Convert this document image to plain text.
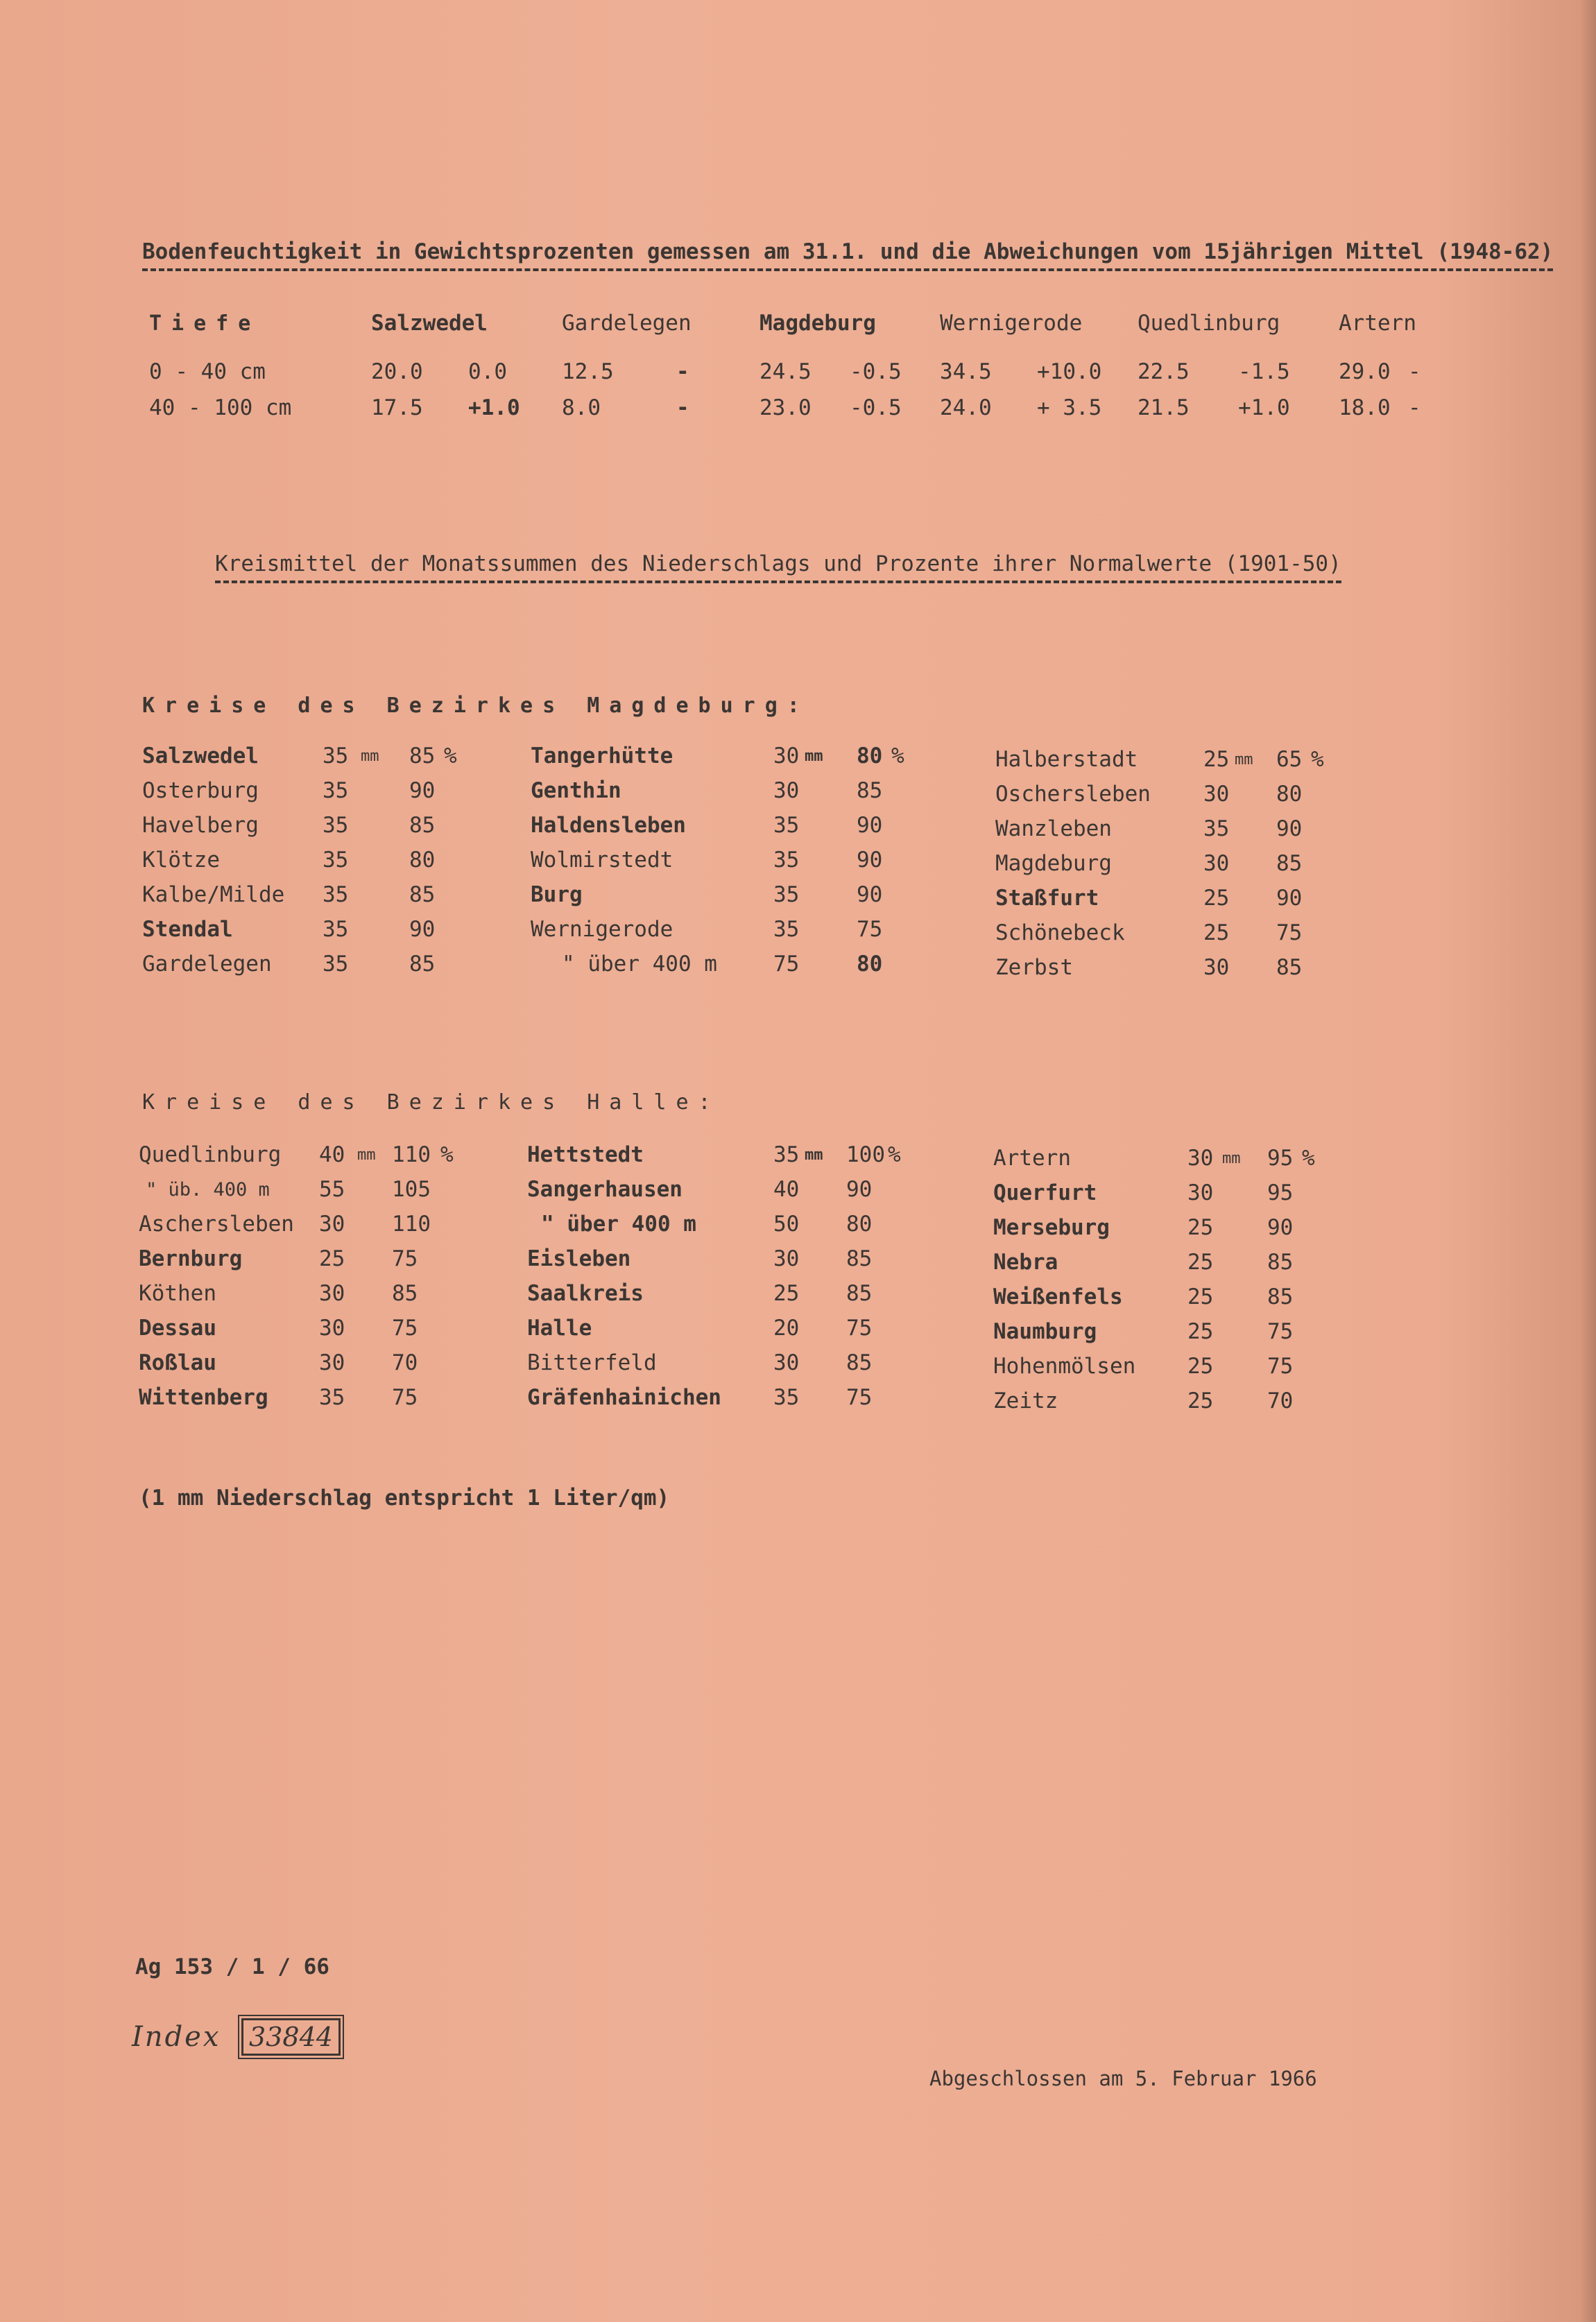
Bodenfeuchtigkeit in Gewichtsprozenten gemessen am 31.1. und die Abweichungen vom 15jährigen Mittel (1948-62)
Tiefe	Salzwedel		Gardelegen		Magdeburg		Wernigerode		Quedlinburg		Artern	

0 - 40 cm	20.0	0.0	12.5	-	24.5	-0.5	34.5	+10.0	22.5	-1.5	29.0	-
40 - 100 cm	17.5	+1.0	8.0	-	23.0	-0.5	24.0	+ 3.5	21.5	+1.0	18.0	-
Kreismittel der Monatssummen des Niederschlags und Prozente ihrer Normalwerte (1901-50)
Kreise des Bezirkes Magdeburg:
Salzwedel	35	mm	85	%
Osterburg	35		90	
Havelberg	35		85	
Klötze	35		80	
Kalbe/Milde	35		85	
Stendal	35		90	
Gardelegen	35		85	
Tangerhütte	30	mm	80	%
Genthin	30		85	
Haldensleben	35		90	
Wolmirstedt	35		90	
Burg	35		90	
Wernigerode	35		75	
" über 400 m	75		80	
Halberstadt	25	mm	65	%
Oschersleben	30		80	
Wanzleben	35		90	
Magdeburg	30		85	
Staßfurt	25		90	
Schönebeck	25		75	
Zerbst	30		85	
Kreise des Bezirkes Halle:
Quedlinburg	40	mm	110	%
" üb. 400 m	55		105	
Aschersleben	30		110	
Bernburg	25		75	
Köthen	30		85	
Dessau	30		75	
Roßlau	30		70	
Wittenberg	35		75	
Hettstedt	35	mm	100	%
Sangerhausen	40		90	
" über 400 m	50		80	
Eisleben	30		85	
Saalkreis	25		85	
Halle	20		75	
Bitterfeld	30		85	
Gräfenhainichen	35		75	
Artern	30	mm	95	%
Querfurt	30		95	
Merseburg	25		90	
Nebra	25		85	
Weißenfels	25		85	
Naumburg	25		75	
Hohenmölsen	25		75	
Zeitz	25		70	
(1 mm Niederschlag entspricht 1 Liter/qm)
Ag 153 / 1 / 66
Index 33844
Abgeschlossen am 5. Februar 1966
